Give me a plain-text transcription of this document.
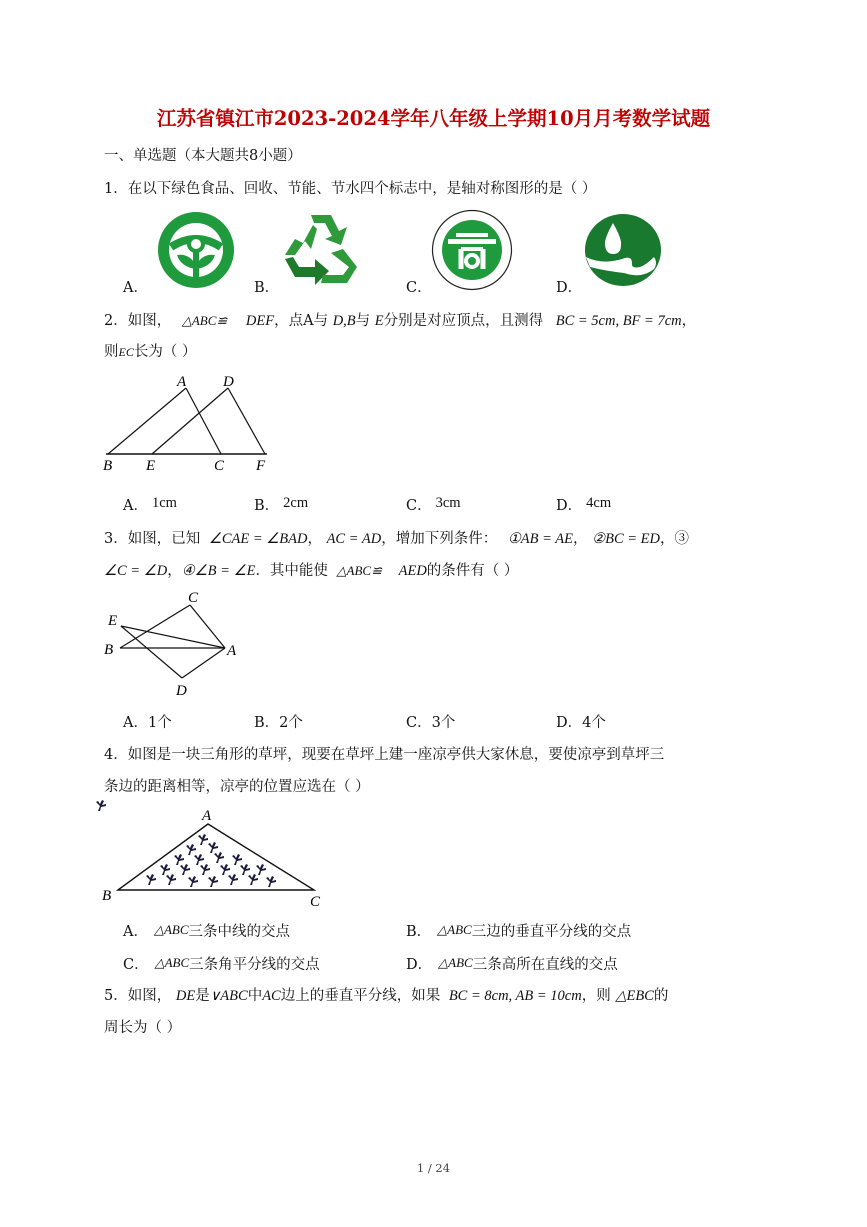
江苏省镇江市2023-2024学年八年级上学期10月月考数学试题
一、单选题（本大题共8小题）
1．在以下绿色食品、回收、节能、节水四个标志中，是轴对称图形的是（ ）
A．	B．	C．	D．
2．如图， △ABC≌ DEF，点A与 D,B与 E分别是对应顶点，且测得 BC = 5cm, BF = 7cm，
则EC长为（ ）
A D
B E	C F
A． 1cm	B． 2cm	C． 3cm	D． 4cm
3．如图，已知 ∠CAE = ∠BAD， AC = AD，增加下列条件： ①AB = AE， ②BC = ED，③
∠C = ∠D，④∠B = ∠E．其中能使 △ABC≌ AED的条件有（ ）
C
E
B	A
D
A．1个	B．2个	C．3个	D．4个
4．如图是一块三角形的草坪，现要在草坪上建一座凉亭供大家休息，要使凉亭到草坪三
条边的距离相等，凉亭的位置应选在（ ）
A
B	C
A． △ABC三条中线的交点	B． △ABC三边的垂直平分线的交点
C． △ABC三条角平分线的交点	D． △ABC三条高所在直线的交点
5．如图， DE是∨ABC中AC边上的垂直平分线，如果 BC = 8cm, AB = 10cm，则 △EBC的
周长为（ ）
1 / 24
